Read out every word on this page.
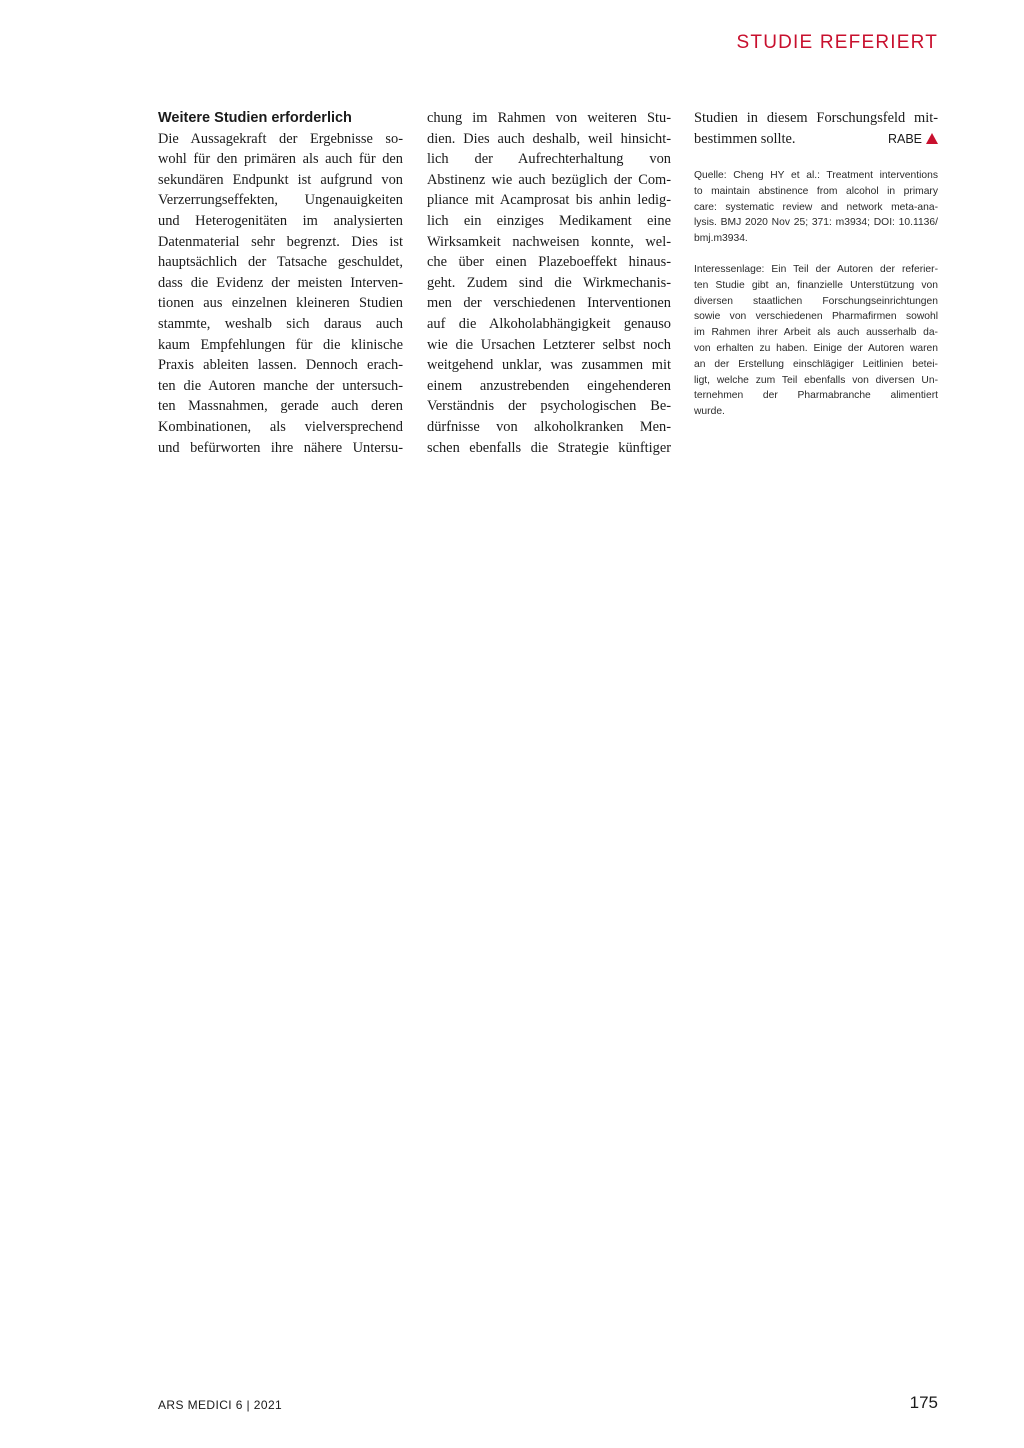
STUDIE REFERIERT
Weitere Studien erforderlich
Die Aussagekraft der Ergebnisse so-
wohl für den primären als auch für den
sekundären Endpunkt ist aufgrund von
Verzerrungseffekten, Ungenauigkeiten
und Heterogenitäten im analysierten
Datenmaterial sehr begrenzt. Dies ist
hauptsächlich der Tatsache geschuldet,
dass die Evidenz der meisten Interven-
tionen aus einzelnen kleineren Studien
stammte, weshalb sich daraus auch
kaum Empfehlungen für die klinische
Praxis ableiten lassen. Dennoch erach-
ten die Autoren manche der untersuch-
ten Massnahmen, gerade auch deren
Kombinationen, als vielversprechend
und befürworten ihre nähere Untersu-
chung im Rahmen von weiteren Stu-
dien. Dies auch deshalb, weil hinsicht-
lich der Aufrechterhaltung von
Abstinenz wie auch bezüglich der Com-
pliance mit Acamprosat bis anhin ledig-
lich ein einziges Medikament eine
Wirksamkeit nachweisen konnte, wel-
che über einen Plazeboeffekt hinaus-
geht. Zudem sind die Wirkmechanis-
men der verschiedenen Interventionen
auf die Alkoholabhängigkeit genauso
wie die Ursachen Letzterer selbst noch
weitgehend unklar, was zusammen mit
einem anzustrebenden eingehenderen
Verständnis der psychologischen Be-
dürfnisse von alkoholkranken Men-
schen ebenfalls die Strategie künftiger
Studien in diesem Forschungsfeld mit-
bestimmen sollte.	RABE
Quelle: Cheng HY et al.: Treatment interventions
to maintain abstinence from alcohol in primary
care: systematic review and network meta-ana-
lysis. BMJ 2020 Nov 25; 371: m3934; DOI: 10.1136/
bmj.m3934.
Interessenlage: Ein Teil der Autoren der referier-
ten Studie gibt an, finanzielle Unterstützung von
diversen staatlichen Forschungseinrichtungen
sowie von verschiedenen Pharmafirmen sowohl
im Rahmen ihrer Arbeit als auch ausserhalb da-
von erhalten zu haben. Einige der Autoren waren
an der Erstellung einschlägiger Leitlinien betei-
ligt, welche zum Teil ebenfalls von diversen Un-
ternehmen der Pharmabranche alimentiert
wurde.
ARS MEDICI 6 | 2021	175
